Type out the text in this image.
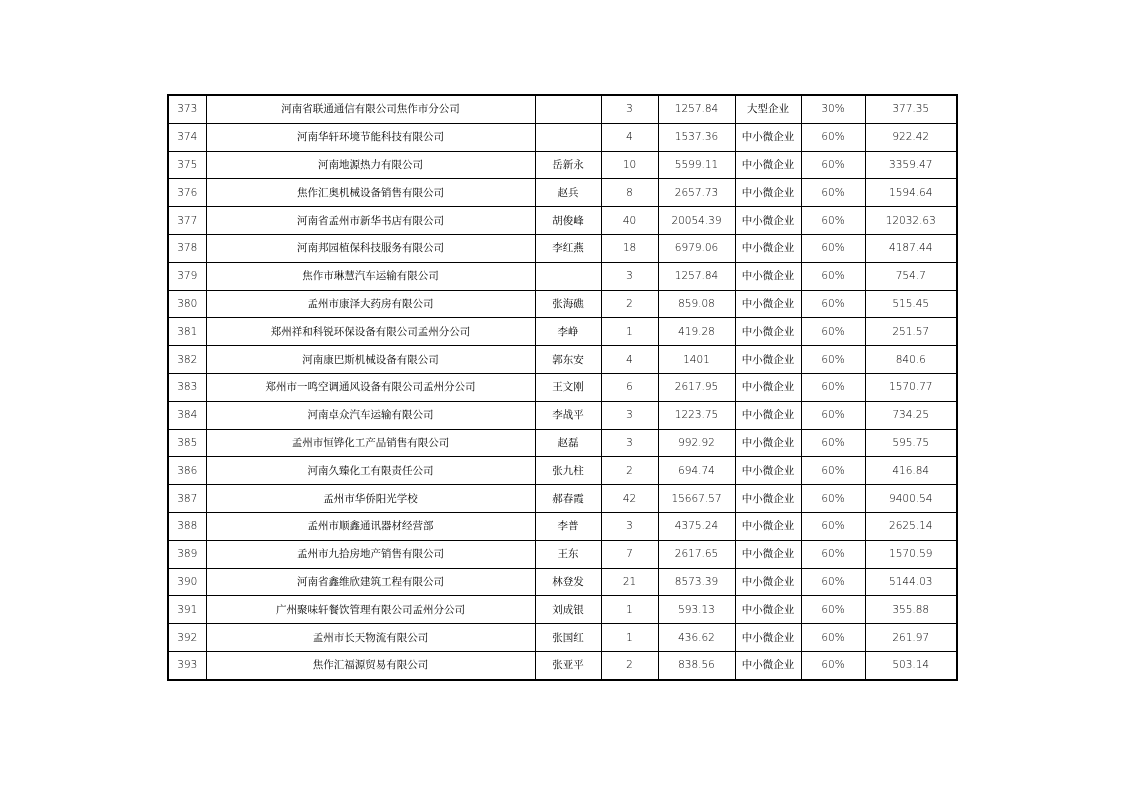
373	河南省联通通信有限公司焦作市分公司		3	1257.84	大型企业	30%	377.35
374	河南华轩环境节能科技有限公司		4	1537.36	中小微企业	60%	922.42
375	河南地源热力有限公司	岳新永	10	5599.11	中小微企业	60%	3359.47
376	焦作汇奥机械设备销售有限公司	赵兵	8	2657.73	中小微企业	60%	1594.64
377	河南省孟州市新华书店有限公司	胡俊峰	40	20054.39	中小微企业	60%	12032.63
378	河南邦园植保科技服务有限公司	李红燕	18	6979.06	中小微企业	60%	4187.44
379	焦作市琳慧汽车运输有限公司		3	1257.84	中小微企业	60%	754.7
380	孟州市康泽大药房有限公司	张海礁	2	859.08	中小微企业	60%	515.45
381	郑州祥和科锐环保设备有限公司孟州分公司	李峥	1	419.28	中小微企业	60%	251.57
382	河南康巴斯机械设备有限公司	郭东安	4	1401	中小微企业	60%	840.6
383	郑州市一鸣空调通风设备有限公司孟州分公司	王文刚	6	2617.95	中小微企业	60%	1570.77
384	河南卓众汽车运输有限公司	李战平	3	1223.75	中小微企业	60%	734.25
385	孟州市恒铧化工产品销售有限公司	赵磊	3	992.92	中小微企业	60%	595.75
386	河南久臻化工有限责任公司	张九柱	2	694.74	中小微企业	60%	416.84
387	孟州市华侨阳光学校	郝春霞	42	15667.57	中小微企业	60%	9400.54
388	孟州市顺鑫通讯器材经营部	李普	3	4375.24	中小微企业	60%	2625.14
389	孟州市九拾房地产销售有限公司	王东	7	2617.65	中小微企业	60%	1570.59
390	河南省鑫维欣建筑工程有限公司	林登发	21	8573.39	中小微企业	60%	5144.03
391	广州聚味轩餐饮管理有限公司孟州分公司	刘成银	1	593.13	中小微企业	60%	355.88
392	孟州市长天物流有限公司	张国红	1	436.62	中小微企业	60%	261.97
393	焦作汇福源贸易有限公司	张亚平	2	838.56	中小微企业	60%	503.14
